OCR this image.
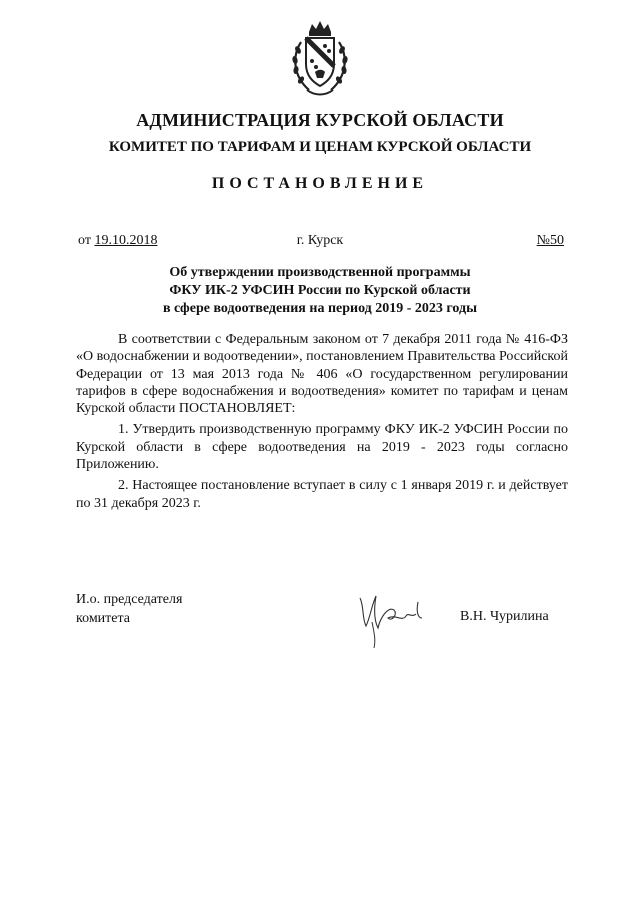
АДМИНИСТРАЦИЯ КУРСКОЙ ОБЛАСТИ
КОМИТЕТ ПО ТАРИФАМ И ЦЕНАМ КУРСКОЙ ОБЛАСТИ
ПОСТАНОВЛЕНИЕ
от 19.10.2018	г. Курск	№50
Об утверждении производственной программы
ФКУ ИК-2 УФСИН России по Курской области
в сфере водоотведения на период 2019 - 2023 годы

В соответствии с Федеральным законом от 7 декабря 2011 года № 416-ФЗ «О водоснабжении и водоотведении», постановлением Правительства Российской Федерации от 13 мая 2013 года № 406 «О государственном регулировании тарифов в сфере водоснабжения и водоотведения» комитет по тарифам и ценам Курской области ПОСТАНОВЛЯЕТ:

1. Утвердить производственную программу ФКУ ИК-2 УФСИН России по Курской области в сфере водоотведения на 2019 - 2023 годы согласно Приложению.

2. Настоящее постановление вступает в силу с 1 января 2019 г. и действует по 31 декабря 2023 г.

И.о. председателя
комитета	В.Н. Чурилина
